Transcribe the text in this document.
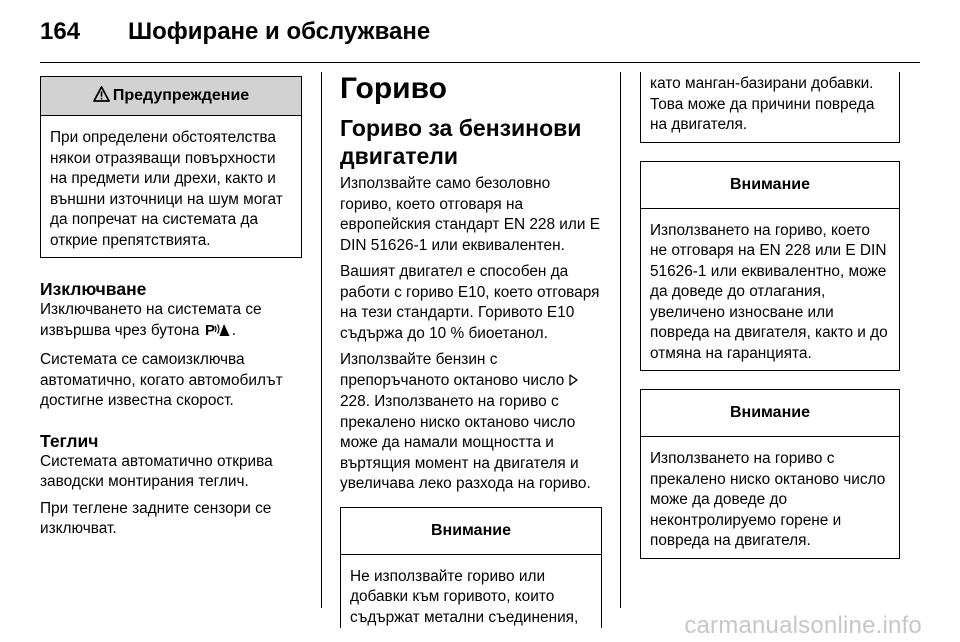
164 Шофиране и обслужване
Предупреждение
При определени обстоятелства някои отразяващи повърхности на предмети или дрехи, както и външни източници на шум могат да попречат на системата да открие препятствията.
Изключване

Изключването на системата се извършва чрез бутона P .

Системата се самоизключва автоматично, когато автомобилът достигне известна скорост.

Теглич

Системата автоматично открива заводски монтирания теглич.

При теглене задните сензори се изключват.

Гориво
Гориво за бензинови двигатели

Използвайте само безоловно гориво, което отговаря на европейския стандарт EN 228 или E DIN 51626-1 или еквивалентен.

Вашият двигател е способен да работи с гориво E10, което отговаря на тези стандарти. Горивото E10 съдържа до 10 % биоетанол.

Използвайте бензин с препоръчаното октаново число 228. Използването на гориво с прекалено ниско октаново число може да намали мощността и въртящия момент на двигателя и увеличава леко разхода на гориво.

Внимание
Не използвайте гориво или добавки към горивото, които съдържат метални съединения,
като манган-базирани добавки. Това може да причини повреда на двигателя.
Внимание
Използването на гориво, което не отговаря на EN 228 или E DIN 51626-1 или еквивалентно, може да доведе до отлагания, увеличено износване или повреда на двигателя, както и до отмяна на гаранцията.
Внимание
Използването на гориво с прекалено ниско октаново число може да доведе до неконтролируемо горене и повреда на двигателя.
carmanualsonline.info
